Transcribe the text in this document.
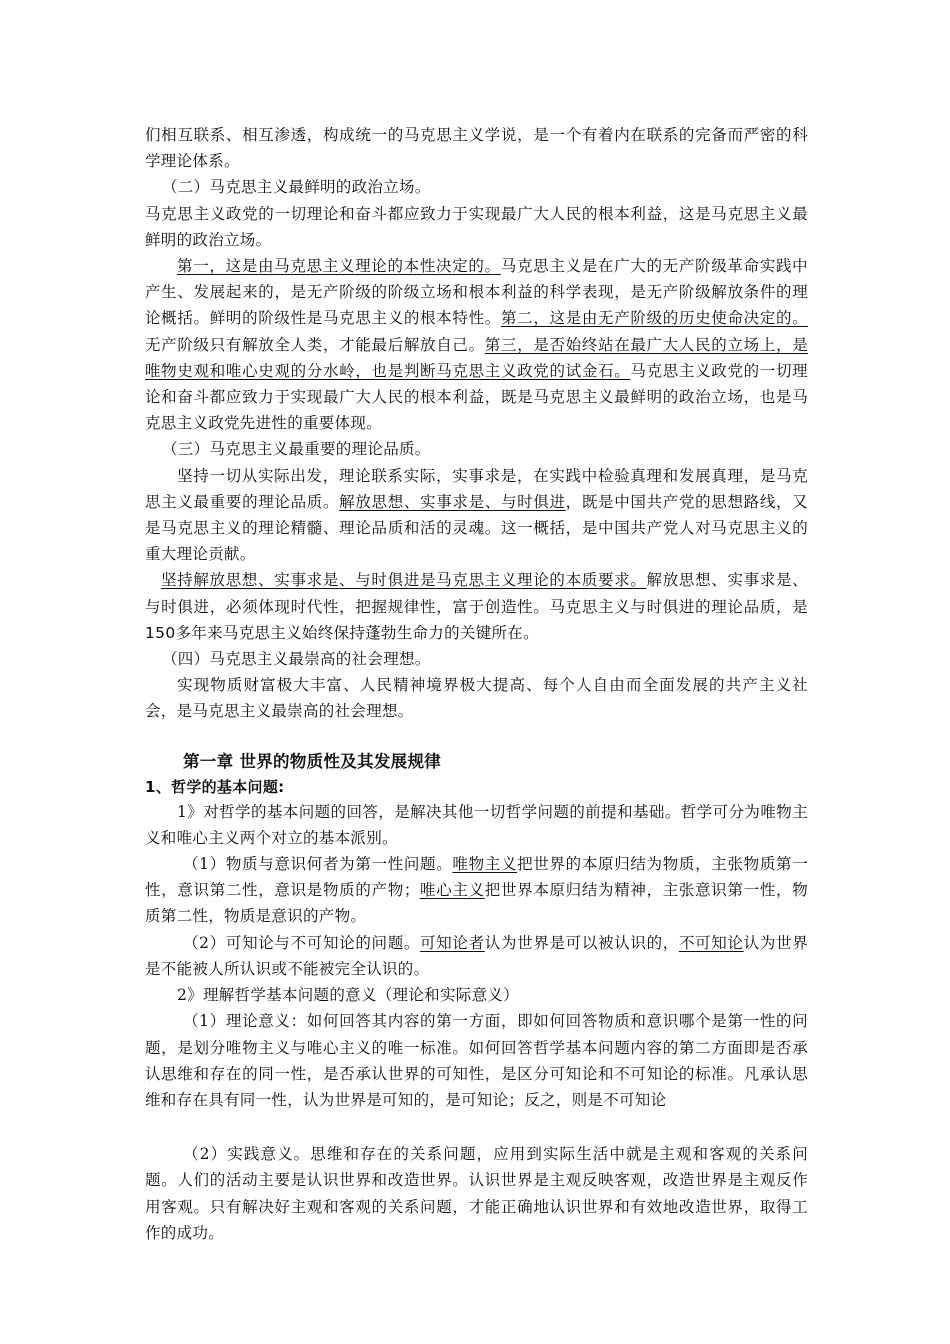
们相互联系、相互渗透，构成统一的马克思主义学说，是一个有着内在联系的完备而严密的科学理论体系。

（二）马克思主义最鲜明的政治立场。

马克思主义政党的一切理论和奋斗都应致力于实现最广大人民的根本利益，这是马克思主义最鲜明的政治立场。

第一，这是由马克思主义理论的本性决定的。马克思主义是在广大的无产阶级革命实践中产生、发展起来的，是无产阶级的阶级立场和根本利益的科学表现，是无产阶级解放条件的理论概括。鲜明的阶级性是马克思主义的根本特性。第二，这是由无产阶级的历史使命决定的。无产阶级只有解放全人类，才能最后解放自己。第三，是否始终站在最广大人民的立场上，是唯物史观和唯心史观的分水岭，也是判断马克思主义政党的试金石。马克思主义政党的一切理论和奋斗都应致力于实现最广大人民的根本利益，既是马克思主义最鲜明的政治立场，也是马克思主义政党先进性的重要体现。

（三）马克思主义最重要的理论品质。

坚持一切从实际出发，理论联系实际，实事求是，在实践中检验真理和发展真理，是马克思主义最重要的理论品质。解放思想、实事求是、与时俱进，既是中国共产党的思想路线，又是马克思主义的理论精髓、理论品质和活的灵魂。这一概括，是中国共产党人对马克思主义的重大理论贡献。

坚持解放思想、实事求是、与时俱进是马克思主义理论的本质要求。解放思想、实事求是、与时俱进，必须体现时代性，把握规律性，富于创造性。马克思主义与时俱进的理论品质，是150多年来马克思主义始终保持蓬勃生命力的关键所在。

（四）马克思主义最崇高的社会理想。

实现物质财富极大丰富、人民精神境界极大提高、每个人自由而全面发展的共产主义社会，是马克思主义最崇高的社会理想。

第一章 世界的物质性及其发展规律

1、哲学的基本问题:

1》对哲学的基本问题的回答，是解决其他一切哲学问题的前提和基础。哲学可分为唯物主义和唯心主义两个对立的基本派别。

（1）物质与意识何者为第一性问题。唯物主义把世界的本原归结为物质，主张物质第一性，意识第二性，意识是物质的产物；唯心主义把世界本原归结为精神，主张意识第一性，物质第二性，物质是意识的产物。

（2）可知论与不可知论的问题。可知论者认为世界是可以被认识的，不可知论认为世界是不能被人所认识或不能被完全认识的。

2》理解哲学基本问题的意义（理论和实际意义）

（1）理论意义：如何回答其内容的第一方面，即如何回答物质和意识哪个是第一性的问题，是划分唯物主义与唯心主义的唯一标准。如何回答哲学基本问题内容的第二方面即是否承认思维和存在的同一性，是否承认世界的可知性，是区分可知论和不可知论的标准。凡承认思维和存在具有同一性，认为世界是可知的，是可知论；反之，则是不可知论

（2）实践意义。思维和存在的关系问题，应用到实际生活中就是主观和客观的关系问题。人们的活动主要是认识世界和改造世界。认识世界是主观反映客观，改造世界是主观反作用客观。只有解决好主观和客观的关系问题，才能正确地认识世界和有效地改造世界，取得工作的成功。
